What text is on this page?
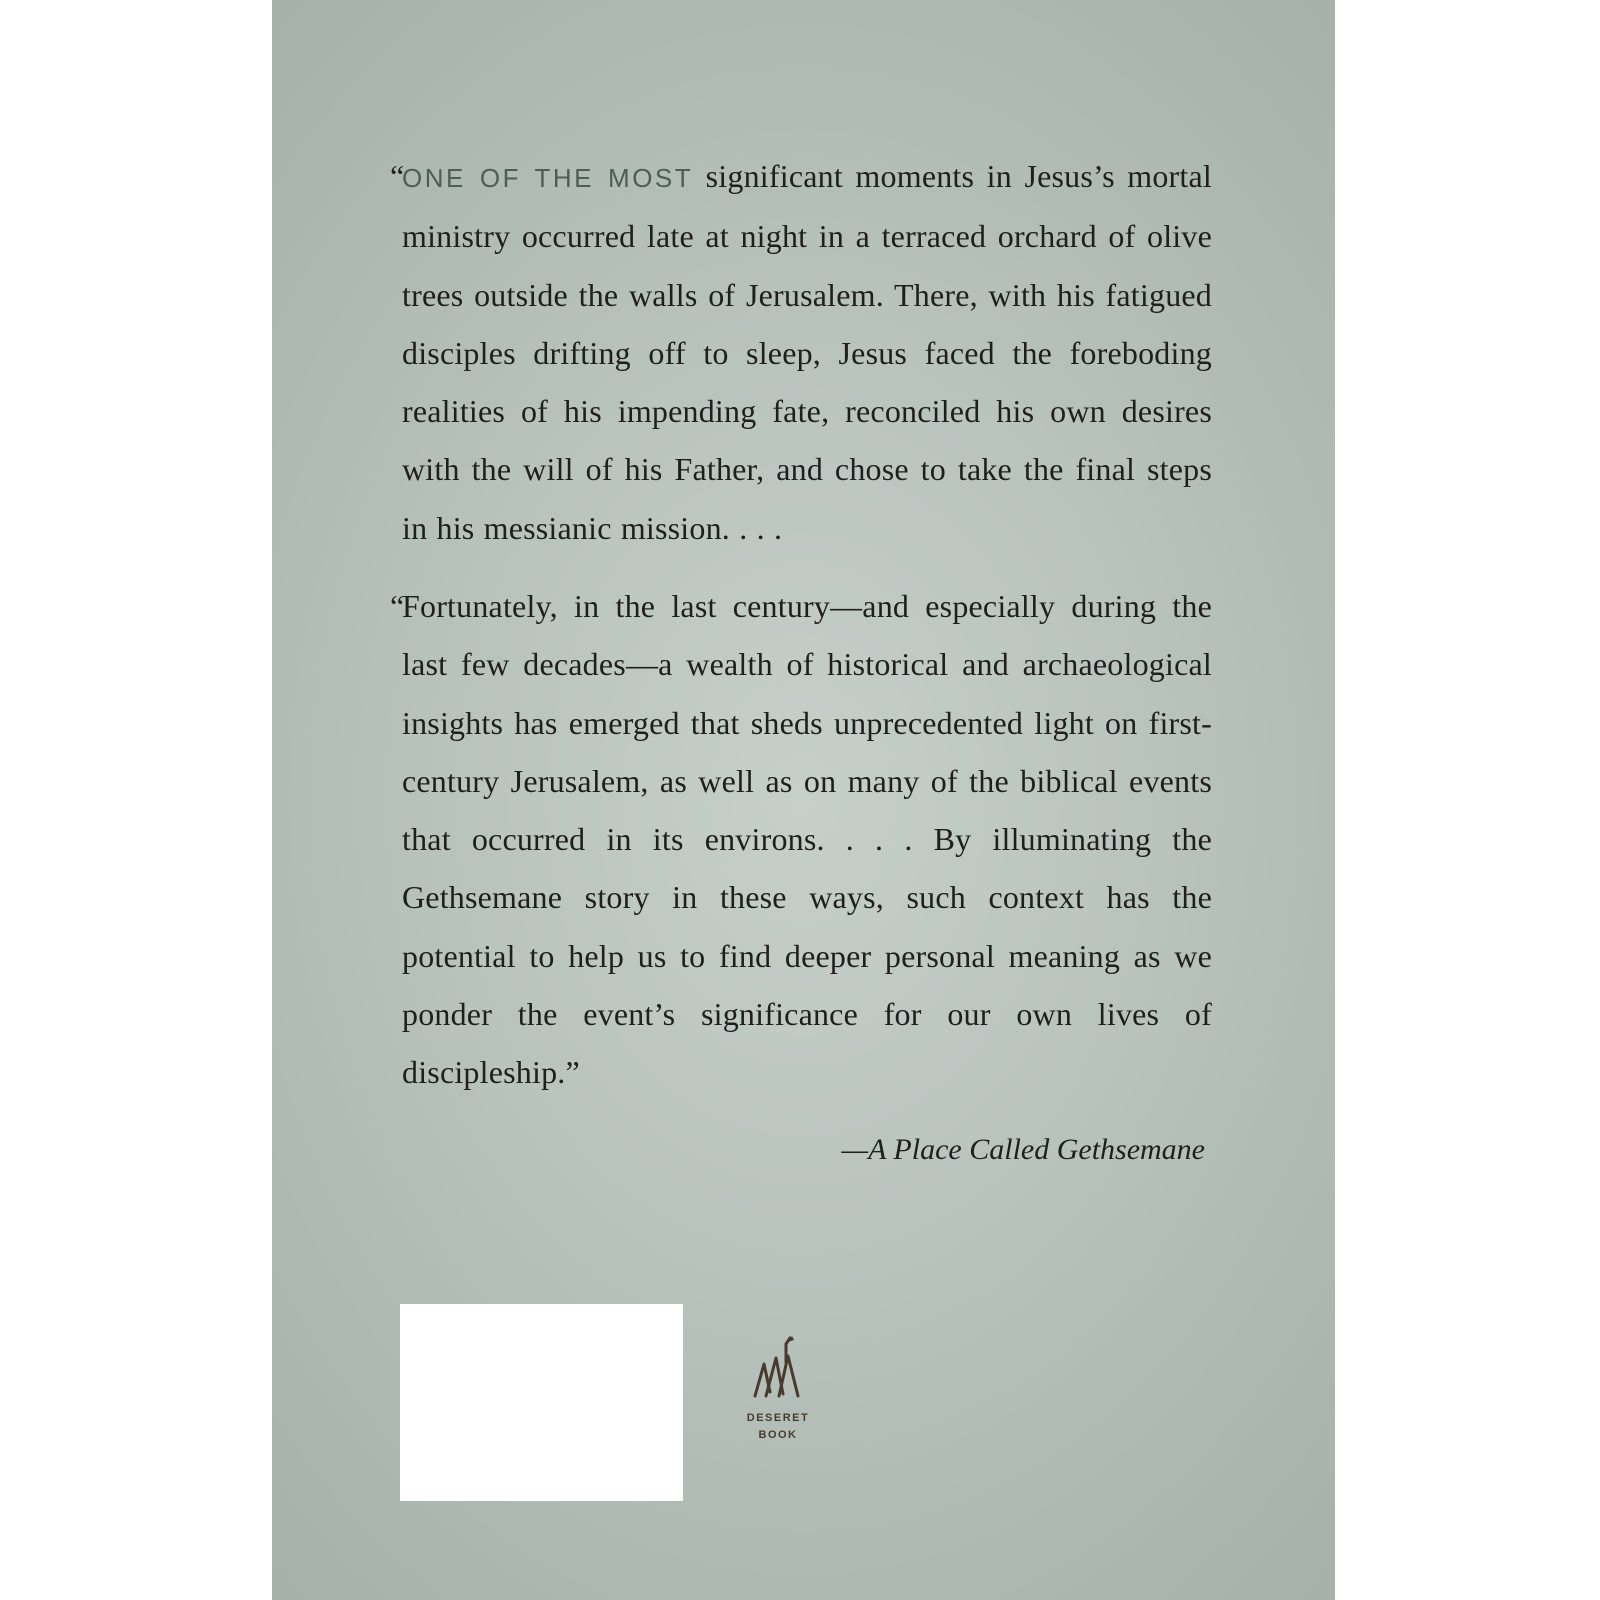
“
ONE OF THE MOST significant moments in Jesus’s mortal ministry occurred late at night in a terraced orchard of olive trees outside the walls of Jerusalem. There, with his fatigued disciples drifting off to sleep, Jesus faced the foreboding realities of his impending fate, reconciled his own desires with the will of his Father, and chose to take the final steps in his messianic mission. . . .

“
Fortunately, in the last century—and especially during the last few decades—a wealth of historical and archaeological insights has emerged that sheds unprecedented light on first-century Jerusalem, as well as on many of the biblical events that occurred in its environs. . . . By illuminating the Gethsemane story in these ways, such context has the potential to help us to find deeper personal meaning as we ponder the event’s significance for our own lives of discipleship.”

—A Place Called Gethsemane
DESERET
BOOK
